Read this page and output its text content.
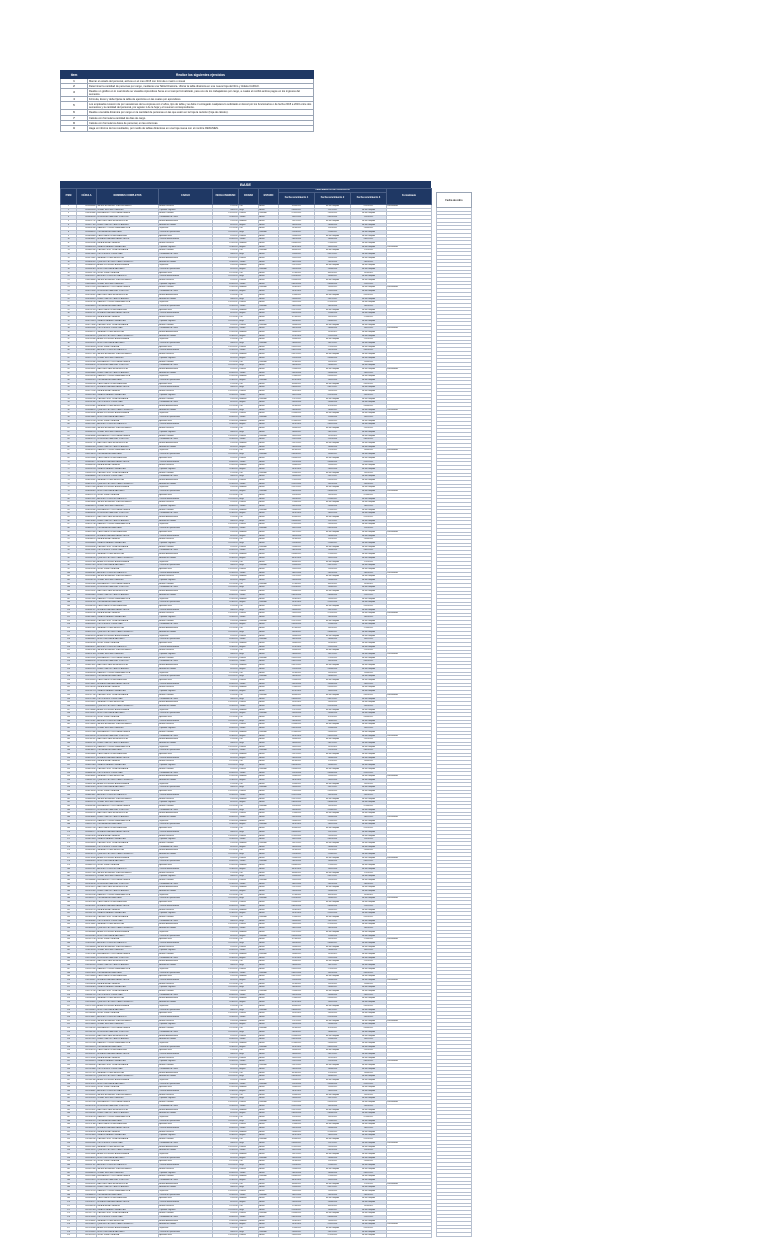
ítem	Realice los siguientes ejercicios
1	Marcar el estado del personal, activos en el mes 2015 con formula o macro o visual
2	Determinar la cantidad de personas por cargo, mediante una Tabla Dinámica. Ubicar la tabla dinámica en una nueva hoja del libro y titúlela CARGO.
3	Realice un gráfico en lo cual donde se visualice Aprendices Sena en el campo formalizado, para uno de los trabajadores por cargo, a cuales el recibió ambos pagos en los ingresos del semestre.
4	Fórmula, Excel y debe fijarse la tabla de ejercicios en las cuales por aprendices.
5	Los empleados tuvieron de por vacaciones de la empresa con 2 años, tipo de tabla y se debe ir entregado cualquiera lo solicitado en Excel por los funcionarios o de fecha 2015 a 2016 entre dos semestres y la cantidad del personal, por agosto 1 de la hoja y el resumen correspondiente.
6	Realice una tabla dinámica por cargo en la cantidad de personas en las que estén en la hoja la revisión (hoja de cálculo).
7	Calcule con formula la cantidad de días de cargo.
8	Calcule con formula los datos de personal, en las columnas.
9	Haga un informe de los resultados, por medio de tablas dinámicas en una hoja nueva con el nombre RESUMEN.
BASE
ITEM	CÉDULA	NOMBRES COMPLETOS	CARGO	FECHA INGRESO	CIUDAD	ESTADO	VENCIMIENTO DE CONTRATO			Formalizado
							Fecha vencimiento 1	Fecha vencimiento 2	Fecha vencimiento 3	
1	1000000000	VALENCIA JIMENEZ JUAN FERNANDO	Auxiliar Servicios	1/1/2010	Cali	Activo	01/04/2011	No ha cumplido	01/10/2012	Formalizado
2	1000055433	GOMEZ RESTREPO ANDRES	Operador Logístico	8/6/2011	Buga	Activo	04/09/2012	12/12/2012	No ha cumplido	
3	1000110866	HERNANDEZ LOPEZ MARIA CAMILA	Auxiliar Contable	15/11/2012	Palmira	Retirado	07/02/2013	23/05/2013	No ha cumplido	
4	1000166299	RODRIGUEZ SANCHEZ JOSE LUIS	Coordinador de Turno	22/4/2013	Yumbo	Activo	10/07/2014	06/10/2014	12/01/2015	
5	1000221732	MARTINEZ GARCIA LAURA SOFIA	Auxiliar Administrativo	1/9/2014	Medellín	Activo	13/12/2015	No ha cumplido	No ha cumplido	
6	1000277165	PEREZ CASTRO CARLOS ANDRES	Analista de Calidad	8/2/2015	Bogotá	Activo	16/05/2016	28/08/2016	No ha cumplido	
7	1000332598	RAMIREZ TORRES DIANA MARCELA	Supervisor	15/7/2010	Cali	Activo	19/10/2011	11/01/2011	23/04/2012	
8	1000388031	OSPINA MEJIA JUAN DAVID	Técnico de Operaciones	22/12/2011	Buga	Retirado	22/03/2012	22/06/2012	No ha cumplido	
9	1000443464	CARDONA RIOS PAULA ANDREA	Aprendiz Sena	1/5/2012	Palmira	Activo	25/08/2013	No ha cumplido	No ha cumplido	
10	1000498897	MORALES VARGAS DANIEL FELIPE	Técnico Mantenimiento	8/10/2013	Yumbo	Activo	28/01/2014	16/04/2014	06/07/2015	
11	1000554330	ZAPATA HENAO NATALIA	Auxiliar Servicios	15/3/2014	Medellín	Activo	03/06/2015	27/09/2015	No ha cumplido	
12	1000609763	GIRALDO ARANGO SEBASTIAN	Operador Logístico	22/8/2015	Bogotá	Activo	06/11/2016	10/02/2016	No ha cumplido	Formalizado
13	1000665196	CASTAÑO RUIZ LUISA FERNANDA	Auxiliar Contable	1/1/2010	Cali	Retirado	09/04/2011	No ha cumplido	17/10/2012	
14	1000720629	ORTIZ MUÑOZ JORGE IVAN	Coordinador de Turno	8/6/2011	Buga	Activo	12/09/2012	04/12/2012	No ha cumplido	
15	1000776062	SALAZAR ROJAS VALENTINA	Auxiliar Administrativo	15/11/2012	Palmira	Activo	15/02/2013	15/05/2013	No ha cumplido	
16	1000831495	QUINTERO BOTERO CAMILO ERNESTO	Analista de Calidad	22/4/2013	Yumbo	Activo	18/07/2014	26/10/2014	28/01/2015	
17	1000886928	ARIAS GUTIERREZ ANGELA MARIA	Supervisor	1/9/2014	Medellín	Activo	21/12/2015	No ha cumplido	No ha cumplido	
18	1000942361	MONTOYA PINEDA SANTIAGO	Técnico de Operaciones	8/2/2015	Bogotá	Retirado	24/05/2016	20/08/2016	No ha cumplido	
19	1000997794	VELEZ URIBE CATALINA	Aprendiz Sena	15/7/2010	Cali	Activo	27/10/2011	03/01/2011	11/04/2012	
20	1001053227	AGUDELO LONDOÑO MAURICIO	Técnico Mantenimiento	22/12/2011	Buga	Activo	02/03/2012	14/06/2012	No ha cumplido	
21	1001108660	VALENCIA JIMENEZ JUAN FERNANDO	Auxiliar Servicios	1/5/2012	Palmira	Activo	05/08/2013	No ha cumplido	No ha cumplido	
22	1001164093	GOMEZ RESTREPO ANDRES	Operador Logístico	8/10/2013	Yumbo	Activo	08/01/2014	08/04/2014	22/07/2015	
23	1001219526	HERNANDEZ LOPEZ MARIA CAMILA	Auxiliar Contable	15/3/2014	Medellín	Retirado	11/06/2015	19/09/2015	No ha cumplido	Formalizado
24	1001274959	RODRIGUEZ SANCHEZ JOSE LUIS	Coordinador de Turno	22/8/2015	Bogotá	Activo	14/11/2016	02/02/2016	No ha cumplido	
25	1001330392	MARTINEZ GARCIA LAURA SOFIA	Auxiliar Administrativo	1/1/2010	Cali	Activo	17/04/2011	No ha cumplido	05/10/2012	
26	1001385825	PEREZ CASTRO CARLOS ANDRES	Analista de Calidad	8/6/2011	Buga	Activo	20/09/2012	24/12/2012	No ha cumplido	
27	1001441258	RAMIREZ TORRES DIANA MARCELA	Supervisor	15/11/2012	Palmira	Activo	23/02/2013	07/05/2013	No ha cumplido	
28	1001496691	OSPINA MEJIA JUAN DAVID	Técnico de Operaciones	22/4/2013	Yumbo	Retirado	26/07/2014	18/10/2014	16/01/2015	
29	1001552124	CARDONA RIOS PAULA ANDREA	Aprendiz Sena	1/9/2014	Medellín	Activo	01/12/2015	No ha cumplido	No ha cumplido	
30	1001607557	MORALES VARGAS DANIEL FELIPE	Técnico Mantenimiento	8/2/2015	Bogotá	Activo	04/05/2016	12/08/2016	No ha cumplido	
31	1001662990	ZAPATA HENAO NATALIA	Auxiliar Servicios	15/7/2010	Cali	Activo	07/10/2011	23/01/2011	27/04/2012	
32	1001718423	GIRALDO ARANGO SEBASTIAN	Operador Logístico	22/12/2011	Buga	Activo	10/03/2012	06/06/2012	No ha cumplido	
33	1001773856	CASTAÑO RUIZ LUISA FERNANDA	Auxiliar Contable	1/5/2012	Palmira	Retirado	13/08/2013	No ha cumplido	No ha cumplido	
34	1001829289	ORTIZ MUÑOZ JORGE IVAN	Coordinador de Turno	8/10/2013	Yumbo	Activo	16/01/2014	28/04/2014	10/07/2015	Formalizado
35	1001884722	SALAZAR ROJAS VALENTINA	Auxiliar Administrativo	15/3/2014	Medellín	Activo	19/06/2015	11/09/2015	No ha cumplido	
36	1001940155	QUINTERO BOTERO CAMILO ERNESTO	Analista de Calidad	22/8/2015	Bogotá	Activo	22/11/2016	22/02/2016	No ha cumplido	
37	1001995588	ARIAS GUTIERREZ ANGELA MARIA	Supervisor	1/1/2010	Cali	Activo	25/04/2011	No ha cumplido	21/10/2012	
38	1002051021	MONTOYA PINEDA SANTIAGO	Técnico de Operaciones	8/6/2011	Buga	Retirado	28/09/2012	16/12/2012	No ha cumplido	
39	1002106454	VELEZ URIBE CATALINA	Aprendiz Sena	15/11/2012	Palmira	Activo	03/02/2013	27/05/2013	No ha cumplido	
40	1002161887	AGUDELO LONDOÑO MAURICIO	Técnico Mantenimiento	22/4/2013	Yumbo	Activo	06/07/2014	10/10/2014	04/01/2015	
41	1002217320	VALENCIA JIMENEZ JUAN FERNANDO	Auxiliar Servicios	1/9/2014	Medellín	Activo	09/12/2015	No ha cumplido	No ha cumplido	
42	1002272753	GOMEZ RESTREPO ANDRES	Operador Logístico	8/2/2015	Bogotá	Activo	12/05/2016	04/08/2016	No ha cumplido	
43	1002328186	HERNANDEZ LOPEZ MARIA CAMILA	Auxiliar Contable	15/7/2010	Cali	Retirado	15/10/2011	15/01/2011	15/04/2012	
44	1002383619	RODRIGUEZ SANCHEZ JOSE LUIS	Coordinador de Turno	22/12/2011	Buga	Activo	18/03/2012	26/06/2012	No ha cumplido	
45	1002439052	MARTINEZ GARCIA LAURA SOFIA	Auxiliar Administrativo	1/5/2012	Palmira	Activo	21/08/2013	No ha cumplido	No ha cumplido	Formalizado
46	1002494485	PEREZ CASTRO CARLOS ANDRES	Analista de Calidad	8/10/2013	Yumbo	Activo	24/01/2014	20/04/2014	26/07/2015	
47	1002549918	RAMIREZ TORRES DIANA MARCELA	Supervisor	15/3/2014	Medellín	Activo	27/06/2015	03/09/2015	No ha cumplido	
48	1002605351	OSPINA MEJIA JUAN DAVID	Técnico de Operaciones	22/8/2015	Bogotá	Retirado	02/11/2016	14/02/2016	No ha cumplido	
49	1002660784	CARDONA RIOS PAULA ANDREA	Aprendiz Sena	1/1/2010	Cali	Activo	05/04/2011	No ha cumplido	09/10/2012	
50	1002716217	MORALES VARGAS DANIEL FELIPE	Técnico Mantenimiento	8/6/2011	Buga	Activo	08/09/2012	08/12/2012	No ha cumplido	
51	1002771650	ZAPATA HENAO NATALIA	Auxiliar Servicios	15/11/2012	Palmira	Activo	11/02/2013	19/05/2013	No ha cumplido	
52	1002827083	GIRALDO ARANGO SEBASTIAN	Operador Logístico	22/4/2013	Yumbo	Activo	14/07/2014	02/10/2014	20/01/2015	
53	1002882516	CASTAÑO RUIZ LUISA FERNANDA	Auxiliar Contable	1/9/2014	Medellín	Retirado	17/12/2015	No ha cumplido	No ha cumplido	
54	1002937949	ORTIZ MUÑOZ JORGE IVAN	Coordinador de Turno	8/2/2015	Bogotá	Activo	20/05/2016	24/08/2016	No ha cumplido	
55	1002993382	SALAZAR ROJAS VALENTINA	Auxiliar Administrativo	15/7/2010	Cali	Activo	23/10/2011	07/01/2011	03/04/2012	
56	1003048815	QUINTERO BOTERO CAMILO ERNESTO	Analista de Calidad	22/12/2011	Buga	Activo	26/03/2012	18/06/2012	No ha cumplido	Formalizado
57	1003104248	ARIAS GUTIERREZ ANGELA MARIA	Supervisor	1/5/2012	Palmira	Activo	01/08/2013	No ha cumplido	No ha cumplido	
58	1003159681	MONTOYA PINEDA SANTIAGO	Técnico de Operaciones	8/10/2013	Yumbo	Retirado	04/01/2014	12/04/2014	14/07/2015	
59	1003215114	VELEZ URIBE CATALINA	Aprendiz Sena	15/3/2014	Medellín	Activo	07/06/2015	23/09/2015	No ha cumplido	
60	1003270547	AGUDELO LONDOÑO MAURICIO	Técnico Mantenimiento	22/8/2015	Bogotá	Activo	10/11/2016	06/02/2016	No ha cumplido	
61	1003325980	VALENCIA JIMENEZ JUAN FERNANDO	Auxiliar Servicios	1/1/2010	Cali	Activo	13/04/2011	No ha cumplido	25/10/2012	
62	1003381413	GOMEZ RESTREPO ANDRES	Operador Logístico	8/6/2011	Buga	Activo	16/09/2012	28/12/2012	No ha cumplido	
63	1003436846	HERNANDEZ LOPEZ MARIA CAMILA	Auxiliar Contable	15/11/2012	Palmira	Retirado	19/02/2013	11/05/2013	No ha cumplido	
64	1003492279	RODRIGUEZ SANCHEZ JOSE LUIS	Coordinador de Turno	22/4/2013	Yumbo	Activo	22/07/2014	22/10/2014	08/01/2015	
65	1003547712	MARTINEZ GARCIA LAURA SOFIA	Auxiliar Administrativo	1/9/2014	Medellín	Activo	25/12/2015	No ha cumplido	No ha cumplido	
66	1003603145	PEREZ CASTRO CARLOS ANDRES	Analista de Calidad	8/2/2015	Bogotá	Activo	28/05/2016	16/08/2016	No ha cumplido	
67	1003658578	RAMIREZ TORRES DIANA MARCELA	Supervisor	15/7/2010	Cali	Activo	03/10/2011	27/01/2011	19/04/2012	Formalizado
68	1003714011	OSPINA MEJIA JUAN DAVID	Técnico de Operaciones	22/12/2011	Buga	Retirado	06/03/2012	10/06/2012	No ha cumplido	
69	1003769444	CARDONA RIOS PAULA ANDREA	Aprendiz Sena	1/5/2012	Palmira	Activo	09/08/2013	No ha cumplido	No ha cumplido	
70	1003824877	MORALES VARGAS DANIEL FELIPE	Técnico Mantenimiento	8/10/2013	Yumbo	Activo	12/01/2014	04/04/2014	02/07/2015	
71	1003880310	ZAPATA HENAO NATALIA	Auxiliar Servicios	15/3/2014	Medellín	Activo	15/06/2015	15/09/2015	No ha cumplido	
72	1003935743	GIRALDO ARANGO SEBASTIAN	Operador Logístico	22/8/2015	Bogotá	Activo	18/11/2016	26/02/2016	No ha cumplido	
73	1003991176	CASTAÑO RUIZ LUISA FERNANDA	Auxiliar Contable	1/1/2010	Cali	Retirado	21/04/2011	No ha cumplido	13/10/2012	
74	1004046609	ORTIZ MUÑOZ JORGE IVAN	Coordinador de Turno	8/6/2011	Buga	Activo	24/09/2012	20/12/2012	No ha cumplido	
75	1004102042	SALAZAR ROJAS VALENTINA	Auxiliar Administrativo	15/11/2012	Palmira	Activo	27/02/2013	03/05/2013	No ha cumplido	
76	1004157475	QUINTERO BOTERO CAMILO ERNESTO	Analista de Calidad	22/4/2013	Yumbo	Activo	02/07/2014	14/10/2014	24/01/2015	
77	1004212908	ARIAS GUTIERREZ ANGELA MARIA	Supervisor	1/9/2014	Medellín	Activo	05/12/2015	No ha cumplido	No ha cumplido	
78	1004268341	MONTOYA PINEDA SANTIAGO	Técnico de Operaciones	8/2/2015	Bogotá	Retirado	08/05/2016	08/08/2016	No ha cumplido	Formalizado
79	1004323774	VELEZ URIBE CATALINA	Aprendiz Sena	15/7/2010	Cali	Activo	11/10/2011	19/01/2011	07/04/2012	
80	1004379207	AGUDELO LONDOÑO MAURICIO	Técnico Mantenimiento	22/12/2011	Buga	Activo	14/03/2012	02/06/2012	No ha cumplido	
81	1004434640	VALENCIA JIMENEZ JUAN FERNANDO	Auxiliar Servicios	1/5/2012	Palmira	Activo	17/08/2013	No ha cumplido	No ha cumplido	
82	1004490073	GOMEZ RESTREPO ANDRES	Operador Logístico	8/10/2013	Yumbo	Activo	20/01/2014	24/04/2014	18/07/2015	
83	1004545506	HERNANDEZ LOPEZ MARIA CAMILA	Auxiliar Contable	15/3/2014	Medellín	Retirado	23/06/2015	07/09/2015	No ha cumplido	
84	1004600939	RODRIGUEZ SANCHEZ JOSE LUIS	Coordinador de Turno	22/8/2015	Bogotá	Activo	26/11/2016	18/02/2016	No ha cumplido	
85	1004656372	MARTINEZ GARCIA LAURA SOFIA	Auxiliar Administrativo	1/1/2010	Cali	Activo	01/04/2011	No ha cumplido	01/10/2012	
86	1004711805	PEREZ CASTRO CARLOS ANDRES	Analista de Calidad	8/6/2011	Buga	Activo	04/09/2012	12/12/2012	No ha cumplido	
87	1004767238	RAMIREZ TORRES DIANA MARCELA	Supervisor	15/11/2012	Palmira	Activo	07/02/2013	23/05/2013	No ha cumplido	
88	1004822671	OSPINA MEJIA JUAN DAVID	Técnico de Operaciones	22/4/2013	Yumbo	Retirado	10/07/2014	06/10/2014	12/01/2015	
89	1004878104	CARDONA RIOS PAULA ANDREA	Aprendiz Sena	1/9/2014	Medellín	Activo	13/12/2015	No ha cumplido	No ha cumplido	Formalizado
90	1004933537	MORALES VARGAS DANIEL FELIPE	Técnico Mantenimiento	8/2/2015	Bogotá	Activo	16/05/2016	28/08/2016	No ha cumplido	
91	1004988970	ZAPATA HENAO NATALIA	Auxiliar Servicios	15/7/2010	Cali	Activo	19/10/2011	11/01/2011	23/04/2012	
92	1005044403	GIRALDO ARANGO SEBASTIAN	Operador Logístico	22/12/2011	Buga	Activo	22/03/2012	22/06/2012	No ha cumplido	
93	1005099836	CASTAÑO RUIZ LUISA FERNANDA	Auxiliar Contable	1/5/2012	Palmira	Retirado	25/08/2013	No ha cumplido	No ha cumplido	
94	1005155269	ORTIZ MUÑOZ JORGE IVAN	Coordinador de Turno	8/10/2013	Yumbo	Activo	28/01/2014	16/04/2014	06/07/2015	
95	1005210702	SALAZAR ROJAS VALENTINA	Auxiliar Administrativo	15/3/2014	Medellín	Activo	03/06/2015	27/09/2015	No ha cumplido	
96	1005266135	QUINTERO BOTERO CAMILO ERNESTO	Analista de Calidad	22/8/2015	Bogotá	Activo	06/11/2016	10/02/2016	No ha cumplido	
97	1005321568	ARIAS GUTIERREZ ANGELA MARIA	Supervisor	1/1/2010	Cali	Activo	09/04/2011	No ha cumplido	17/10/2012	
98	1005377001	MONTOYA PINEDA SANTIAGO	Técnico de Operaciones	8/6/2011	Buga	Retirado	12/09/2012	04/12/2012	No ha cumplido	
99	1005432434	VELEZ URIBE CATALINA	Aprendiz Sena	15/11/2012	Palmira	Activo	15/02/2013	15/05/2013	No ha cumplido	
100	1005487867	AGUDELO LONDOÑO MAURICIO	Técnico Mantenimiento	22/4/2013	Yumbo	Activo	18/07/2014	26/10/2014	28/01/2015	Formalizado
101	1005543300	VALENCIA JIMENEZ JUAN FERNANDO	Auxiliar Servicios	1/9/2014	Medellín	Activo	21/12/2015	No ha cumplido	No ha cumplido	
102	1005598733	GOMEZ RESTREPO ANDRES	Operador Logístico	8/2/2015	Bogotá	Activo	24/05/2016	20/08/2016	No ha cumplido	
103	1005654166	HERNANDEZ LOPEZ MARIA CAMILA	Auxiliar Contable	15/7/2010	Cali	Retirado	27/10/2011	03/01/2011	11/04/2012	
104	1005709599	RODRIGUEZ SANCHEZ JOSE LUIS	Coordinador de Turno	22/12/2011	Buga	Activo	02/03/2012	14/06/2012	No ha cumplido	
105	1005765032	MARTINEZ GARCIA LAURA SOFIA	Auxiliar Administrativo	1/5/2012	Palmira	Activo	05/08/2013	No ha cumplido	No ha cumplido	
106	1005820465	PEREZ CASTRO CARLOS ANDRES	Analista de Calidad	8/10/2013	Yumbo	Activo	08/01/2014	08/04/2014	22/07/2015	
107	1005875898	RAMIREZ TORRES DIANA MARCELA	Supervisor	15/3/2014	Medellín	Activo	11/06/2015	19/09/2015	No ha cumplido	
108	1005931331	OSPINA MEJIA JUAN DAVID	Técnico de Operaciones	22/8/2015	Bogotá	Retirado	14/11/2016	02/02/2016	No ha cumplido	
109	1005986764	CARDONA RIOS PAULA ANDREA	Aprendiz Sena	1/1/2010	Cali	Activo	17/04/2011	No ha cumplido	05/10/2012	
110	1006042197	MORALES VARGAS DANIEL FELIPE	Técnico Mantenimiento	8/6/2011	Buga	Activo	20/09/2012	24/12/2012	No ha cumplido	
111	1006097630	ZAPATA HENAO NATALIA	Auxiliar Servicios	15/11/2012	Palmira	Activo	23/02/2013	07/05/2013	No ha cumplido	Formalizado
112	1006153063	GIRALDO ARANGO SEBASTIAN	Operador Logístico	22/4/2013	Yumbo	Activo	26/07/2014	18/10/2014	16/01/2015	
113	1006208496	CASTAÑO RUIZ LUISA FERNANDA	Auxiliar Contable	1/9/2014	Medellín	Retirado	01/12/2015	No ha cumplido	No ha cumplido	
114	1006263929	ORTIZ MUÑOZ JORGE IVAN	Coordinador de Turno	8/2/2015	Bogotá	Activo	04/05/2016	12/08/2016	No ha cumplido	
115	1006319362	SALAZAR ROJAS VALENTINA	Auxiliar Administrativo	15/7/2010	Cali	Activo	07/10/2011	23/01/2011	27/04/2012	
116	1006374795	QUINTERO BOTERO CAMILO ERNESTO	Analista de Calidad	22/12/2011	Buga	Activo	10/03/2012	06/06/2012	No ha cumplido	
117	1006430228	ARIAS GUTIERREZ ANGELA MARIA	Supervisor	1/5/2012	Palmira	Activo	13/08/2013	No ha cumplido	No ha cumplido	
118	1006485661	MONTOYA PINEDA SANTIAGO	Técnico de Operaciones	8/10/2013	Yumbo	Retirado	16/01/2014	28/04/2014	10/07/2015	
119	1006541094	VELEZ URIBE CATALINA	Aprendiz Sena	15/3/2014	Medellín	Activo	19/06/2015	11/09/2015	No ha cumplido	
120	1006596527	AGUDELO LONDOÑO MAURICIO	Técnico Mantenimiento	22/8/2015	Bogotá	Activo	22/11/2016	22/02/2016	No ha cumplido	
121	1006651960	VALENCIA JIMENEZ JUAN FERNANDO	Auxiliar Servicios	1/1/2010	Cali	Activo	25/04/2011	No ha cumplido	21/10/2012	
122	1006707393	GOMEZ RESTREPO ANDRES	Operador Logístico	8/6/2011	Buga	Activo	28/09/2012	16/12/2012	No ha cumplido	Formalizado
123	1006762826	HERNANDEZ LOPEZ MARIA CAMILA	Auxiliar Contable	15/11/2012	Palmira	Retirado	03/02/2013	27/05/2013	No ha cumplido	
124	1006818259	RODRIGUEZ SANCHEZ JOSE LUIS	Coordinador de Turno	22/4/2013	Yumbo	Activo	06/07/2014	10/10/2014	04/01/2015	
125	1006873692	MARTINEZ GARCIA LAURA SOFIA	Auxiliar Administrativo	1/9/2014	Medellín	Activo	09/12/2015	No ha cumplido	No ha cumplido	
126	1006929125	PEREZ CASTRO CARLOS ANDRES	Analista de Calidad	8/2/2015	Bogotá	Activo	12/05/2016	04/08/2016	No ha cumplido	
127	1006984558	RAMIREZ TORRES DIANA MARCELA	Supervisor	15/7/2010	Cali	Activo	15/10/2011	15/01/2011	15/04/2012	
128	1007039991	OSPINA MEJIA JUAN DAVID	Técnico de Operaciones	22/12/2011	Buga	Retirado	18/03/2012	26/06/2012	No ha cumplido	
129	1007095424	CARDONA RIOS PAULA ANDREA	Aprendiz Sena	1/5/2012	Palmira	Activo	21/08/2013	No ha cumplido	No ha cumplido	
130	1007150857	MORALES VARGAS DANIEL FELIPE	Técnico Mantenimiento	8/10/2013	Yumbo	Activo	24/01/2014	20/04/2014	26/07/2015	
131	1007206290	ZAPATA HENAO NATALIA	Auxiliar Servicios	15/3/2014	Medellín	Activo	27/06/2015	03/09/2015	No ha cumplido	
132	1007261723	GIRALDO ARANGO SEBASTIAN	Operador Logístico	22/8/2015	Bogotá	Activo	02/11/2016	14/02/2016	No ha cumplido	
133	1007317156	CASTAÑO RUIZ LUISA FERNANDA	Auxiliar Contable	1/1/2010	Cali	Retirado	05/04/2011	No ha cumplido	09/10/2012	Formalizado
134	1007372589	ORTIZ MUÑOZ JORGE IVAN	Coordinador de Turno	8/6/2011	Buga	Activo	08/09/2012	08/12/2012	No ha cumplido	
135	1007428022	SALAZAR ROJAS VALENTINA	Auxiliar Administrativo	15/11/2012	Palmira	Activo	11/02/2013	19/05/2013	No ha cumplido	
136	1007483455	QUINTERO BOTERO CAMILO ERNESTO	Analista de Calidad	22/4/2013	Yumbo	Activo	14/07/2014	02/10/2014	20/01/2015	
137	1007538888	ARIAS GUTIERREZ ANGELA MARIA	Supervisor	1/9/2014	Medellín	Activo	17/12/2015	No ha cumplido	No ha cumplido	
138	1007594321	MONTOYA PINEDA SANTIAGO	Técnico de Operaciones	8/2/2015	Bogotá	Retirado	20/05/2016	24/08/2016	No ha cumplido	
139	1007649754	VELEZ URIBE CATALINA	Aprendiz Sena	15/7/2010	Cali	Activo	23/10/2011	07/01/2011	03/04/2012	
140	1007705187	AGUDELO LONDOÑO MAURICIO	Técnico Mantenimiento	22/12/2011	Buga	Activo	26/03/2012	18/06/2012	No ha cumplido	
141	1007760620	VALENCIA JIMENEZ JUAN FERNANDO	Auxiliar Servicios	1/5/2012	Palmira	Activo	01/08/2013	No ha cumplido	No ha cumplido	
142	1007816053	GOMEZ RESTREPO ANDRES	Operador Logístico	8/10/2013	Yumbo	Activo	04/01/2014	12/04/2014	14/07/2015	
143	1007871486	HERNANDEZ LOPEZ MARIA CAMILA	Auxiliar Contable	15/3/2014	Medellín	Retirado	07/06/2015	23/09/2015	No ha cumplido	
144	1007926919	RODRIGUEZ SANCHEZ JOSE LUIS	Coordinador de Turno	22/8/2015	Bogotá	Activo	10/11/2016	06/02/2016	No ha cumplido	Formalizado
145	1007982352	MARTINEZ GARCIA LAURA SOFIA	Auxiliar Administrativo	1/1/2010	Cali	Activo	13/04/2011	No ha cumplido	25/10/2012	
146	1008037785	PEREZ CASTRO CARLOS ANDRES	Analista de Calidad	8/6/2011	Buga	Activo	16/09/2012	28/12/2012	No ha cumplido	
147	1008093218	RAMIREZ TORRES DIANA MARCELA	Supervisor	15/11/2012	Palmira	Activo	19/02/2013	11/05/2013	No ha cumplido	
148	1008148651	OSPINA MEJIA JUAN DAVID	Técnico de Operaciones	22/4/2013	Yumbo	Retirado	22/07/2014	22/10/2014	08/01/2015	
149	1008204084	CARDONA RIOS PAULA ANDREA	Aprendiz Sena	1/9/2014	Medellín	Activo	25/12/2015	No ha cumplido	No ha cumplido	
150	1008259517	MORALES VARGAS DANIEL FELIPE	Técnico Mantenimiento	8/2/2015	Bogotá	Activo	28/05/2016	16/08/2016	No ha cumplido	
151	1008314950	ZAPATA HENAO NATALIA	Auxiliar Servicios	15/7/2010	Cali	Activo	03/10/2011	27/01/2011	19/04/2012	
152	1008370383	GIRALDO ARANGO SEBASTIAN	Operador Logístico	22/12/2011	Buga	Activo	06/03/2012	10/06/2012	No ha cumplido	
153	1008425816	CASTAÑO RUIZ LUISA FERNANDA	Auxiliar Contable	1/5/2012	Palmira	Retirado	09/08/2013	No ha cumplido	No ha cumplido	
154	1008481249	ORTIZ MUÑOZ JORGE IVAN	Coordinador de Turno	8/10/2013	Yumbo	Activo	12/01/2014	04/04/2014	02/07/2015	
155	1008536682	SALAZAR ROJAS VALENTINA	Auxiliar Administrativo	15/3/2014	Medellín	Activo	15/06/2015	15/09/2015	No ha cumplido	Formalizado
156	1008592115	QUINTERO BOTERO CAMILO ERNESTO	Analista de Calidad	22/8/2015	Bogotá	Activo	18/11/2016	26/02/2016	No ha cumplido	
157	1008647548	ARIAS GUTIERREZ ANGELA MARIA	Supervisor	1/1/2010	Cali	Activo	21/04/2011	No ha cumplido	13/10/2012	
158	1008702981	MONTOYA PINEDA SANTIAGO	Técnico de Operaciones	8/6/2011	Buga	Retirado	24/09/2012	20/12/2012	No ha cumplido	
159	1008758414	VELEZ URIBE CATALINA	Aprendiz Sena	15/11/2012	Palmira	Activo	27/02/2013	03/05/2013	No ha cumplido	
160	1008813847	AGUDELO LONDOÑO MAURICIO	Técnico Mantenimiento	22/4/2013	Yumbo	Activo	02/07/2014	14/10/2014	24/01/2015	
161	1008869280	VALENCIA JIMENEZ JUAN FERNANDO	Auxiliar Servicios	1/9/2014	Medellín	Activo	05/12/2015	No ha cumplido	No ha cumplido	
162	1008924713	GOMEZ RESTREPO ANDRES	Operador Logístico	8/2/2015	Bogotá	Activo	08/05/2016	08/08/2016	No ha cumplido	
163	1008980146	HERNANDEZ LOPEZ MARIA CAMILA	Auxiliar Contable	15/7/2010	Cali	Retirado	11/10/2011	19/01/2011	07/04/2012	
164	1009035579	RODRIGUEZ SANCHEZ JOSE LUIS	Coordinador de Turno	22/12/2011	Buga	Activo	14/03/2012	02/06/2012	No ha cumplido	
165	1009091012	MARTINEZ GARCIA LAURA SOFIA	Auxiliar Administrativo	1/5/2012	Palmira	Activo	17/08/2013	No ha cumplido	No ha cumplido	
166	1009146445	PEREZ CASTRO CARLOS ANDRES	Analista de Calidad	8/10/2013	Yumbo	Activo	20/01/2014	24/04/2014	18/07/2015	Formalizado
167	1009201878	RAMIREZ TORRES DIANA MARCELA	Supervisor	15/3/2014	Medellín	Activo	23/06/2015	07/09/2015	No ha cumplido	
168	1009257311	OSPINA MEJIA JUAN DAVID	Técnico de Operaciones	22/8/2015	Bogotá	Retirado	26/11/2016	18/02/2016	No ha cumplido	
169	1009312744	CARDONA RIOS PAULA ANDREA	Aprendiz Sena	1/1/2010	Cali	Activo	01/04/2011	No ha cumplido	01/10/2012	
170	1009368177	MORALES VARGAS DANIEL FELIPE	Técnico Mantenimiento	8/6/2011	Buga	Activo	04/09/2012	12/12/2012	No ha cumplido	
171	1009423610	ZAPATA HENAO NATALIA	Auxiliar Servicios	15/11/2012	Palmira	Activo	07/02/2013	23/05/2013	No ha cumplido	
172	1009479043	GIRALDO ARANGO SEBASTIAN	Operador Logístico	22/4/2013	Yumbo	Activo	10/07/2014	06/10/2014	12/01/2015	
173	1009534476	CASTAÑO RUIZ LUISA FERNANDA	Auxiliar Contable	1/9/2014	Medellín	Retirado	13/12/2015	No ha cumplido	No ha cumplido	
174	1009589909	ORTIZ MUÑOZ JORGE IVAN	Coordinador de Turno	8/2/2015	Bogotá	Activo	16/05/2016	28/08/2016	No ha cumplido	
175	1009645342	SALAZAR ROJAS VALENTINA	Auxiliar Administrativo	15/7/2010	Cali	Activo	19/10/2011	11/01/2011	23/04/2012	
176	1009700775	QUINTERO BOTERO CAMILO ERNESTO	Analista de Calidad	22/12/2011	Buga	Activo	22/03/2012	22/06/2012	No ha cumplido	
177	1009756208	ARIAS GUTIERREZ ANGELA MARIA	Supervisor	1/5/2012	Palmira	Activo	25/08/2013	No ha cumplido	No ha cumplido	Formalizado
178	1009811641	MONTOYA PINEDA SANTIAGO	Técnico de Operaciones	8/10/2013	Yumbo	Retirado	28/01/2014	16/04/2014	06/07/2015	
179	1009867074	VELEZ URIBE CATALINA	Aprendiz Sena	15/3/2014	Medellín	Activo	03/06/2015	27/09/2015	No ha cumplido	
180	1009922507	AGUDELO LONDOÑO MAURICIO	Técnico Mantenimiento	22/8/2015	Bogotá	Activo	06/11/2016	10/02/2016	No ha cumplido	
181	1009977940	VALENCIA JIMENEZ JUAN FERNANDO	Auxiliar Servicios	1/1/2010	Cali	Activo	09/04/2011	No ha cumplido	17/10/2012	
182	1010033373	GOMEZ RESTREPO ANDRES	Operador Logístico	8/6/2011	Buga	Activo	12/09/2012	04/12/2012	No ha cumplido	
183	1010088806	HERNANDEZ LOPEZ MARIA CAMILA	Auxiliar Contable	15/11/2012	Palmira	Retirado	15/02/2013	15/05/2013	No ha cumplido	
184	1010144239	RODRIGUEZ SANCHEZ JOSE LUIS	Coordinador de Turno	22/4/2013	Yumbo	Activo	18/07/2014	26/10/2014	28/01/2015	
185	1010199672	MARTINEZ GARCIA LAURA SOFIA	Auxiliar Administrativo	1/9/2014	Medellín	Activo	21/12/2015	No ha cumplido	No ha cumplido	
186	1010255105	PEREZ CASTRO CARLOS ANDRES	Analista de Calidad	8/2/2015	Bogotá	Activo	24/05/2016	20/08/2016	No ha cumplido	
187	1010310538	RAMIREZ TORRES DIANA MARCELA	Supervisor	15/7/2010	Cali	Activo	27/10/2011	03/01/2011	11/04/2012	
188	1010365971	OSPINA MEJIA JUAN DAVID	Técnico de Operaciones	22/12/2011	Buga	Retirado	02/03/2012	14/06/2012	No ha cumplido	Formalizado
189	1010421404	CARDONA RIOS PAULA ANDREA	Aprendiz Sena	1/5/2012	Palmira	Activo	05/08/2013	No ha cumplido	No ha cumplido	
190	1010476837	MORALES VARGAS DANIEL FELIPE	Técnico Mantenimiento	8/10/2013	Yumbo	Activo	08/01/2014	08/04/2014	22/07/2015	
191	1010532270	ZAPATA HENAO NATALIA	Auxiliar Servicios	15/3/2014	Medellín	Activo	11/06/2015	19/09/2015	No ha cumplido	
192	1010587703	GIRALDO ARANGO SEBASTIAN	Operador Logístico	22/8/2015	Bogotá	Activo	14/11/2016	02/02/2016	No ha cumplido	
193	1010643136	CASTAÑO RUIZ LUISA FERNANDA	Auxiliar Contable	1/1/2010	Cali	Retirado	17/04/2011	No ha cumplido	05/10/2012	
194	1010698569	ORTIZ MUÑOZ JORGE IVAN	Coordinador de Turno	8/6/2011	Buga	Activo	20/09/2012	24/12/2012	No ha cumplido	
195	1010754002	SALAZAR ROJAS VALENTINA	Auxiliar Administrativo	15/11/2012	Palmira	Activo	23/02/2013	07/05/2013	No ha cumplido	
196	1010809435	QUINTERO BOTERO CAMILO ERNESTO	Analista de Calidad	22/4/2013	Yumbo	Activo	26/07/2014	18/10/2014	16/01/2015	
197	1010864868	ARIAS GUTIERREZ ANGELA MARIA	Supervisor	1/9/2014	Medellín	Activo	01/12/2015	No ha cumplido	No ha cumplido	
198	1010920301	MONTOYA PINEDA SANTIAGO	Técnico de Operaciones	8/2/2015	Bogotá	Retirado	04/05/2016	12/08/2016	No ha cumplido	
199	1010975734	VELEZ URIBE CATALINA	Aprendiz Sena	15/7/2010	Cali	Activo	07/10/2011	23/01/2011	27/04/2012	Formalizado
200	1011031167	AGUDELO LONDOÑO MAURICIO	Técnico Mantenimiento	22/12/2011	Buga	Activo	10/03/2012	06/06/2012	No ha cumplido	
201	1011086600	VALENCIA JIMENEZ JUAN FERNANDO	Auxiliar Servicios	1/5/2012	Palmira	Activo	13/08/2013	No ha cumplido	No ha cumplido	
202	1011142033	GOMEZ RESTREPO ANDRES	Operador Logístico	8/10/2013	Yumbo	Activo	16/01/2014	28/04/2014	10/07/2015	
203	1011197466	HERNANDEZ LOPEZ MARIA CAMILA	Auxiliar Contable	15/3/2014	Medellín	Retirado	19/06/2015	11/09/2015	No ha cumplido	
204	1011252899	RODRIGUEZ SANCHEZ JOSE LUIS	Coordinador de Turno	22/8/2015	Bogotá	Activo	22/11/2016	22/02/2016	No ha cumplido	
205	1011308332	MARTINEZ GARCIA LAURA SOFIA	Auxiliar Administrativo	1/1/2010	Cali	Activo	25/04/2011	No ha cumplido	21/10/2012	
206	1011363765	PEREZ CASTRO CARLOS ANDRES	Analista de Calidad	8/6/2011	Buga	Activo	28/09/2012	16/12/2012	No ha cumplido	
207	1011419198	RAMIREZ TORRES DIANA MARCELA	Supervisor	15/11/2012	Palmira	Activo	03/02/2013	27/05/2013	No ha cumplido	
208	1011474631	OSPINA MEJIA JUAN DAVID	Técnico de Operaciones	22/4/2013	Yumbo	Retirado	06/07/2014	10/10/2014	04/01/2015	
209	1011530064	CARDONA RIOS PAULA ANDREA	Aprendiz Sena	1/9/2014	Medellín	Activo	09/12/2015	No ha cumplido	No ha cumplido	
210	1011585497	MORALES VARGAS DANIEL FELIPE	Técnico Mantenimiento	8/2/2015	Bogotá	Activo	12/05/2016	04/08/2016	No ha cumplido	Formalizado
211	1011640930	ZAPATA HENAO NATALIA	Auxiliar Servicios	15/7/2010	Cali	Activo	15/10/2011	15/01/2011	15/04/2012	
212	1011696363	GIRALDO ARANGO SEBASTIAN	Operador Logístico	22/12/2011	Buga	Activo	18/03/2012	26/06/2012	No ha cumplido	
213	1011751796	CASTAÑO RUIZ LUISA FERNANDA	Auxiliar Contable	1/5/2012	Palmira	Retirado	21/08/2013	No ha cumplido	No ha cumplido	
214	1011807229	ORTIZ MUÑOZ JORGE IVAN	Coordinador de Turno	8/10/2013	Yumbo	Activo	24/01/2014	20/04/2014	26/07/2015	
215	1011862662	SALAZAR ROJAS VALENTINA	Auxiliar Administrativo	15/3/2014	Medellín	Activo	27/06/2015	03/09/2015	No ha cumplido	
216	1011918095	QUINTERO BOTERO CAMILO ERNESTO	Analista de Calidad	22/8/2015	Bogotá	Activo	02/11/2016	14/02/2016	No ha cumplido	
217	1011973528	ARIAS GUTIERREZ ANGELA MARIA	Supervisor	1/1/2010	Cali	Activo	05/04/2011	No ha cumplido	09/10/2012	
218	1012028961	MONTOYA PINEDA SANTIAGO	Técnico de Operaciones	8/6/2011	Buga	Retirado	08/09/2012	08/12/2012	No ha cumplido	
219	1012084394	VELEZ URIBE CATALINA	Aprendiz Sena	15/11/2012	Palmira	Activo	11/02/2013	19/05/2013	No ha cumplido	
220	1012139827	AGUDELO LONDOÑO MAURICIO	Técnico Mantenimiento	22/4/2013	Yumbo	Activo	14/07/2014	02/10/2014	20/01/2015	
221	1012195260	VALENCIA JIMENEZ JUAN FERNANDO	Auxiliar Servicios	1/9/2014	Medellín	Activo	17/12/2015	No ha cumplido	No ha cumplido	Formalizado
222	1012250693	GOMEZ RESTREPO ANDRES	Operador Logístico	8/2/2015	Bogotá	Activo	20/05/2016	24/08/2016	No ha cumplido	
223	1012306126	HERNANDEZ LOPEZ MARIA CAMILA	Auxiliar Contable	15/7/2010	Cali	Retirado	23/10/2011	07/01/2011	03/04/2012	
224	1012361559	RODRIGUEZ SANCHEZ JOSE LUIS	Coordinador de Turno	22/12/2011	Buga	Activo	26/03/2012	18/06/2012	No ha cumplido	
225	1012416992	MARTINEZ GARCIA LAURA SOFIA	Auxiliar Administrativo	1/5/2012	Palmira	Activo	01/08/2013	No ha cumplido	No ha cumplido	
226	1012472425	PEREZ CASTRO CARLOS ANDRES	Analista de Calidad	8/10/2013	Yumbo	Activo	04/01/2014	12/04/2014	14/07/2015	
227	1012527858	RAMIREZ TORRES DIANA MARCELA	Supervisor	15/3/2014	Medellín	Activo	07/06/2015	23/09/2015	No ha cumplido	
228	1012583291	OSPINA MEJIA JUAN DAVID	Técnico de Operaciones	22/8/2015	Bogotá	Retirado	10/11/2016	06/02/2016	No ha cumplido	
229	1012638724	CARDONA RIOS PAULA ANDREA	Aprendiz Sena	1/1/2010	Cali	Activo	13/04/2011	No ha cumplido	25/10/2012	
230	1012694157	MORALES VARGAS DANIEL FELIPE	Técnico Mantenimiento	8/6/2011	Buga	Activo	16/09/2012	28/12/2012	No ha cumplido	
231	1012749590	ZAPATA HENAO NATALIA	Auxiliar Servicios	15/11/2012	Palmira	Activo	19/02/2013	11/05/2013	No ha cumplido	
232	1012805023	GIRALDO ARANGO SEBASTIAN	Operador Logístico	22/4/2013	Yumbo	Activo	22/07/2014	22/10/2014	08/01/2015	Formalizado
233	1012860456	CASTAÑO RUIZ LUISA FERNANDA	Auxiliar Contable	1/9/2014	Medellín	Retirado	25/12/2015	No ha cumplido	No ha cumplido	
234	1012915889	ORTIZ MUÑOZ JORGE IVAN	Coordinador de Turno	8/2/2015	Bogotá	Activo	28/05/2016	16/08/2016	No ha cumplido	
235	1012971322	SALAZAR ROJAS VALENTINA	Auxiliar Administrativo	15/7/2010	Cali	Activo	03/10/2011	27/01/2011	19/04/2012	
236	1013026755	QUINTERO BOTERO CAMILO ERNESTO	Analista de Calidad	22/12/2011	Buga	Activo	06/03/2012	10/06/2012	No ha cumplido	
237	1013082188	ARIAS GUTIERREZ ANGELA MARIA	Supervisor	1/5/2012	Palmira	Activo	09/08/2013	No ha cumplido	No ha cumplido	
238	1013137621	MONTOYA PINEDA SANTIAGO	Técnico de Operaciones	8/10/2013	Yumbo	Retirado	12/01/2014	04/04/2014	02/07/2015	
239	1013193054	VELEZ URIBE CATALINA	Aprendiz Sena	15/3/2014	Medellín	Activo	15/06/2015	15/09/2015	No ha cumplido	
240	1013248487	AGUDELO LONDOÑO MAURICIO	Técnico Mantenimiento	22/8/2015	Bogotá	Activo	18/11/2016	26/02/2016	No ha cumplido	
241	1013303920	VALENCIA JIMENEZ JUAN FERNANDO	Auxiliar Servicios	1/1/2010	Cali	Activo	21/04/2011	No ha cumplido	13/10/2012	
242	1013359353	GOMEZ RESTREPO ANDRES	Operador Logístico	8/6/2011	Buga	Activo	24/09/2012	20/12/2012	No ha cumplido	
243	1013414786	HERNANDEZ LOPEZ MARIA CAMILA	Auxiliar Contable	15/11/2012	Palmira	Retirado	27/02/2013	03/05/2013	No ha cumplido	Formalizado
244	1013470219	RODRIGUEZ SANCHEZ JOSE LUIS	Coordinador de Turno	22/4/2013	Yumbo	Activo	02/07/2014	14/10/2014	24/01/2015	
245	1013525652	MARTINEZ GARCIA LAURA SOFIA	Auxiliar Administrativo	1/9/2014	Medellín	Activo	05/12/2015	No ha cumplido	No ha cumplido	
246	1013581085	PEREZ CASTRO CARLOS ANDRES	Analista de Calidad	8/2/2015	Bogotá	Activo	08/05/2016	08/08/2016	No ha cumplido	
247	1013636518	RAMIREZ TORRES DIANA MARCELA	Supervisor	15/7/2010	Cali	Activo	11/10/2011	19/01/2011	07/04/2012	
248	1013691951	OSPINA MEJIA JUAN DAVID	Técnico de Operaciones	22/12/2011	Buga	Retirado	14/03/2012	02/06/2012	No ha cumplido	
249	1013747384	CARDONA RIOS PAULA ANDREA	Aprendiz Sena	1/5/2012	Palmira	Activo	17/08/2013	No ha cumplido	No ha cumplido	
250	1013802817	MORALES VARGAS DANIEL FELIPE	Técnico Mantenimiento	8/10/2013	Yumbo	Activo	20/01/2014	24/04/2014	18/07/2015	
251	1013858250	ZAPATA HENAO NATALIA	Auxiliar Servicios	15/3/2014	Medellín	Activo	23/06/2015	07/09/2015	No ha cumplido	
252	1013913683	GIRALDO ARANGO SEBASTIAN	Operador Logístico	22/8/2015	Bogotá	Activo	26/11/2016	18/02/2016	No ha cumplido	
253	1013969116	CASTAÑO RUIZ LUISA FERNANDA	Auxiliar Contable	1/1/2010	Cali	Retirado	01/04/2011	No ha cumplido	01/10/2012	
254	1014024549	ORTIZ MUÑOZ JORGE IVAN	Coordinador de Turno	8/6/2011	Buga	Activo	04/09/2012	12/12/2012	No ha cumplido	Formalizado
255	1014079982	SALAZAR ROJAS VALENTINA	Auxiliar Administrativo	15/11/2012	Palmira	Activo	07/02/2013	23/05/2013	No ha cumplido	
256	1014135415	QUINTERO BOTERO CAMILO ERNESTO	Analista de Calidad	22/4/2013	Yumbo	Activo	10/07/2014	06/10/2014	12/01/2015	
257	1014190848	ARIAS GUTIERREZ ANGELA MARIA	Supervisor	1/9/2014	Medellín	Activo	13/12/2015	No ha cumplido	No ha cumplido	
258	1014246281	MONTOYA PINEDA SANTIAGO	Técnico de Operaciones	8/2/2015	Bogotá	Retirado	16/05/2016	28/08/2016	No ha cumplido	
259	1014301714	VELEZ URIBE CATALINA	Aprendiz Sena	15/7/2010	Cali	Activo	19/10/2011	11/01/2011	23/04/2012	
260	1014357147	AGUDELO LONDOÑO MAURICIO	Técnico Mantenimiento	22/12/2011	Buga	Activo	22/03/2012	22/06/2012	No ha cumplido	
261	1014412580	VALENCIA JIMENEZ JUAN FERNANDO	Auxiliar Servicios	1/5/2012	Palmira	Activo	25/08/2013	No ha cumplido	No ha cumplido	
262	1014468013	GOMEZ RESTREPO ANDRES	Operador Logístico	8/10/2013	Yumbo	Activo	28/01/2014	16/04/2014	06/07/2015	
263	1014523446	HERNANDEZ LOPEZ MARIA CAMILA	Auxiliar Contable	15/3/2014	Medellín	Retirado	03/06/2015	27/09/2015	No ha cumplido	
264	1014578879	RODRIGUEZ SANCHEZ JOSE LUIS	Coordinador de Turno	22/8/2015	Bogotá	Activo	06/11/2016	10/02/2016	No ha cumplido	
265	1014634312	MARTINEZ GARCIA LAURA SOFIA	Auxiliar Administrativo	1/1/2010	Cali	Activo	09/04/2011	No ha cumplido	17/10/2012	Formalizado
266	1014689745	PEREZ CASTRO CARLOS ANDRES	Analista de Calidad	8/6/2011	Buga	Activo	12/09/2012	04/12/2012	No ha cumplido	
267	1014745178	RAMIREZ TORRES DIANA MARCELA	Supervisor	15/11/2012	Palmira	Activo	15/02/2013	15/05/2013	No ha cumplido	
268	1014800611	OSPINA MEJIA JUAN DAVID	Técnico de Operaciones	22/4/2013	Yumbo	Retirado	18/07/2014	26/10/2014	28/01/2015	
269	1014856044	CARDONA RIOS PAULA ANDREA	Aprendiz Sena	1/9/2014	Medellín	Activo	21/12/2015	No ha cumplido	No ha cumplido	
270	1014911477	MORALES VARGAS DANIEL FELIPE	Técnico Mantenimiento	8/2/2015	Bogotá	Activo	24/05/2016	20/08/2016	No ha cumplido	
271	1014966910	ZAPATA HENAO NATALIA	Auxiliar Servicios	15/7/2010	Cali	Activo	27/10/2011	03/01/2011	11/04/2012	
272	1015022343	GIRALDO ARANGO SEBASTIAN	Operador Logístico	22/12/2011	Buga	Activo	02/03/2012	14/06/2012	No ha cumplido	
273	1015077776	CASTAÑO RUIZ LUISA FERNANDA	Auxiliar Contable	1/5/2012	Palmira	Retirado	05/08/2013	No ha cumplido	No ha cumplido	
274	1015133209	ORTIZ MUÑOZ JORGE IVAN	Coordinador de Turno	8/10/2013	Yumbo	Activo	08/01/2014	08/04/2014	22/07/2015	
275	1015188642	SALAZAR ROJAS VALENTINA	Auxiliar Administrativo	15/3/2014	Medellín	Activo	11/06/2015	19/09/2015	No ha cumplido	
276	1015244075	QUINTERO BOTERO CAMILO ERNESTO	Analista de Calidad	22/8/2015	Bogotá	Activo	14/11/2016	02/02/2016	No ha cumplido	Formalizado
277	1015299508	ARIAS GUTIERREZ ANGELA MARIA	Supervisor	1/1/2010	Cali	Activo	17/04/2011	No ha cumplido	05/10/2012	
278	1015354941	MONTOYA PINEDA SANTIAGO	Técnico de Operaciones	8/6/2011	Buga	Retirado	20/09/2012	24/12/2012	No ha cumplido	
279	1015410374	VELEZ URIBE CATALINA	Aprendiz Sena	15/11/2012	Palmira	Activo	23/02/2013	07/05/2013	No ha cumplido	
Fecha de retiro
